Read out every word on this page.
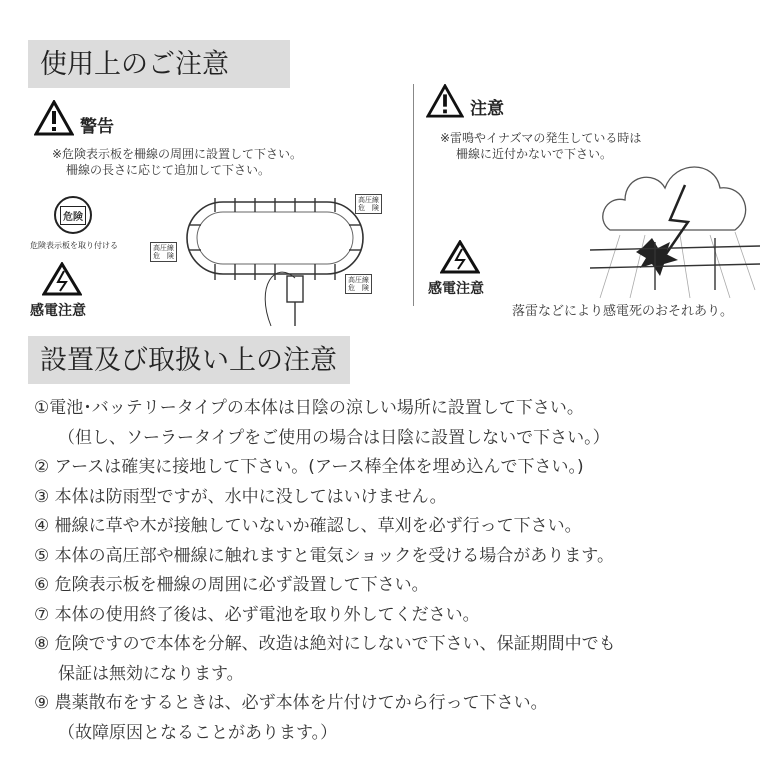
使用上のご注意
警告
※危険表示板を柵線の周囲に設置して下さい。
柵線の長さに応じて追加して下さい。
危険
危険表示板を取り付ける
感電注意
高圧線
危　険
高圧線
危　険
高圧線
危　険
注意
※雷鳴やイナズマの発生している時は
柵線に近付かないで下さい。
感電注意
落雷などにより感電死のおそれあり。
設置及び取扱い上の注意
①電池･バッテリータイプの本体は日陰の涼しい場所に設置して下さい。
（但し、ソーラータイプをご使用の場合は日陰に設置しないで下さい。）
② アースは確実に接地して下さい。(アース棒全体を埋め込んで下さい。)
③ 本体は防雨型ですが、水中に没してはいけません。
④ 柵線に草や木が接触していないか確認し、草刈を必ず行って下さい。
⑤ 本体の高圧部や柵線に触れますと電気ショックを受ける場合があります。
⑥ 危険表示板を柵線の周囲に必ず設置して下さい。
⑦ 本体の使用終了後は、必ず電池を取り外してください。
⑧ 危険ですので本体を分解、改造は絶対にしないで下さい、保証期間中でも
保証は無効になります。
⑨ 農薬散布をするときは、必ず本体を片付けてから行って下さい。
（故障原因となることがあります。）
